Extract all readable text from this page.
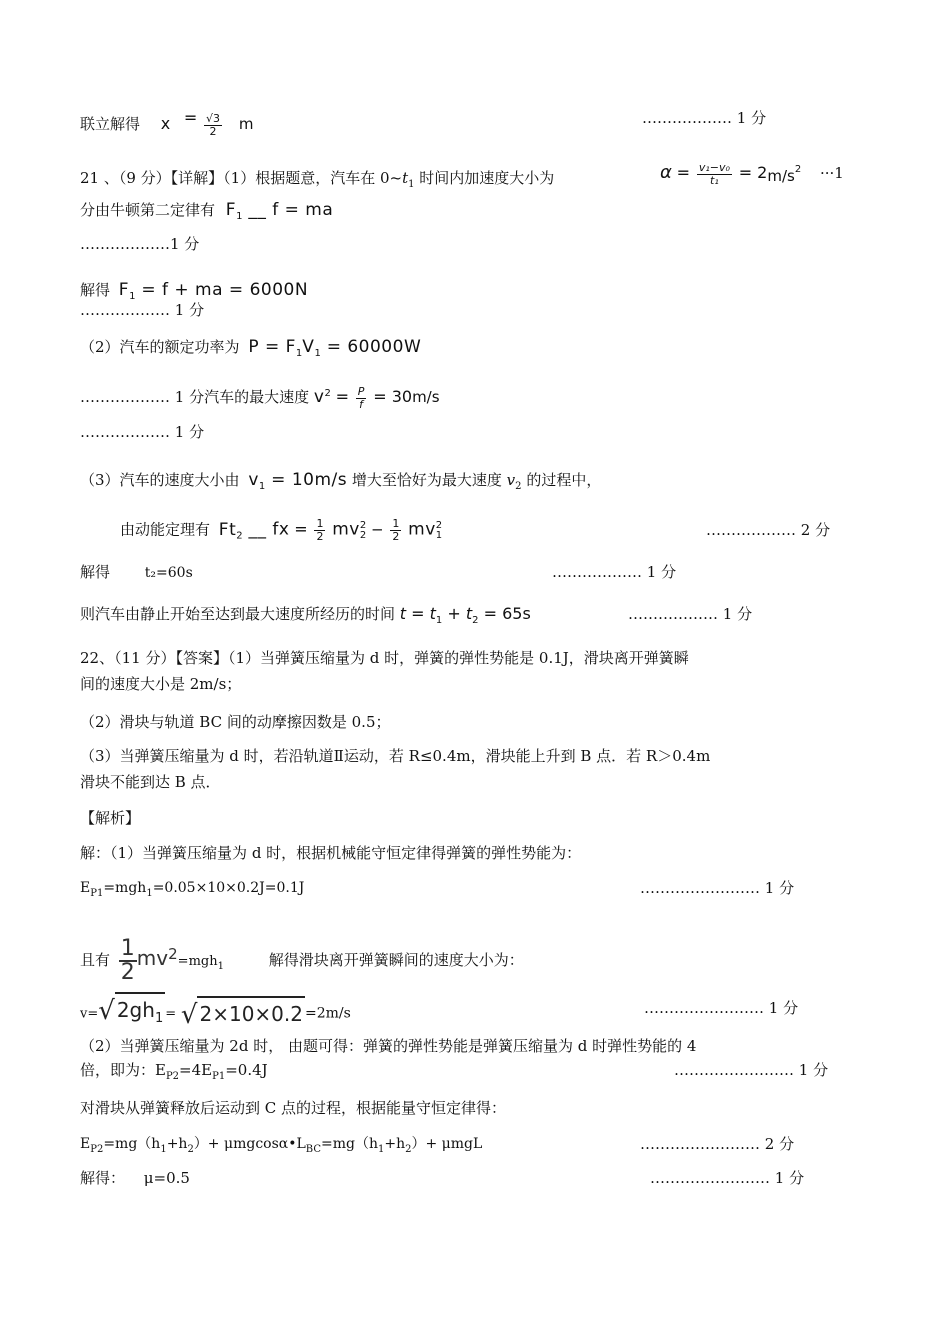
联立解得 $x = \frac{√3}{2}$ m	……………… 1 分
21 、（9 分）【详解】（1）根据题意，汽车在 $0\sim t_1$ 时间内加速度大小为	$\alpha = \frac{\text{v₁−v₀}}{\text{t₁}} = 2m/s^2 \cdot\cdot\cdot 1$
分由牛顿第二定律有 $F_1$ __ f = ma
………………1 分
解得 $F_1 = f$ + ma = 6000N
……………… 1 分
（2）汽车的额定功率为 $P = F_1V_1 = 60000W$
……………… 1 分汽车的最大速度 $v^2 = \frac{P}{f} = 30m/s$
……………… 1 分
（3）汽车的速度大小由 $v_1 = 10m/s$ 增大至恰好为最大速度 $v_2$ 的过程中，
由动能定理有 $Ft_2$ __ fx = $\frac{1}{2}$ mv 2
$2 - \frac{1}{2}$ mv 2
1	……………… 2 分
解得 t₂=60s	……………… 1 分
则汽车由静止开始至达到最大速度所经历的时间 $t = t_1 + t_2 = 65s$	……………… 1 分
22、（11 分）【答案】（1）当弹簧压缩量为 d 时，弹簧的弹性势能是 0.1J，滑块离开弹簧瞬
间的速度大小是 2m/s；
（2）滑块与轨道 BC 间的动摩擦因数是 0.5；
（3）当弹簧压缩量为 d 时，若沿轨道Ⅱ运动，若 R≤0.4m，滑块能上升到 B 点．若 R＞0.4m
滑块不能到达 B 点．
【解析】
解：（1）当弹簧压缩量为 d 时，根据机械能守恒定律得弹簧的弹性势能为：
$E_{P1}=mgh_1=0.05\times 10\times 0.2J=0.1J$	…………………… 1 分
且有 $\frac{1}{2}mv^2=mgh_1$	解得滑块离开弹簧瞬间的速度大小为：
v=√ $2gh_1$ = √ 2×10×0.2 =2m/s	…………………… 1 分
（2）当弹簧压缩量为 2d 时， 由题可得：弹簧的弹性势能是弹簧压缩量为 d 时弹性势能的 4
倍，即为：$E_{P2}=4E_{P1}=0.4J$	…………………… 1 分
对滑块从弹簧释放后运动到 C 点的过程，根据能量守恒定律得：
$E_{P2}=mg(h_1+h_2)+$ $\mu mgcos\alpha•L_{BC}=mg(h_1+h_2)+ \mu mgL$	…………………… 2 分
解得： μ=0.5	…………………… 1 分
